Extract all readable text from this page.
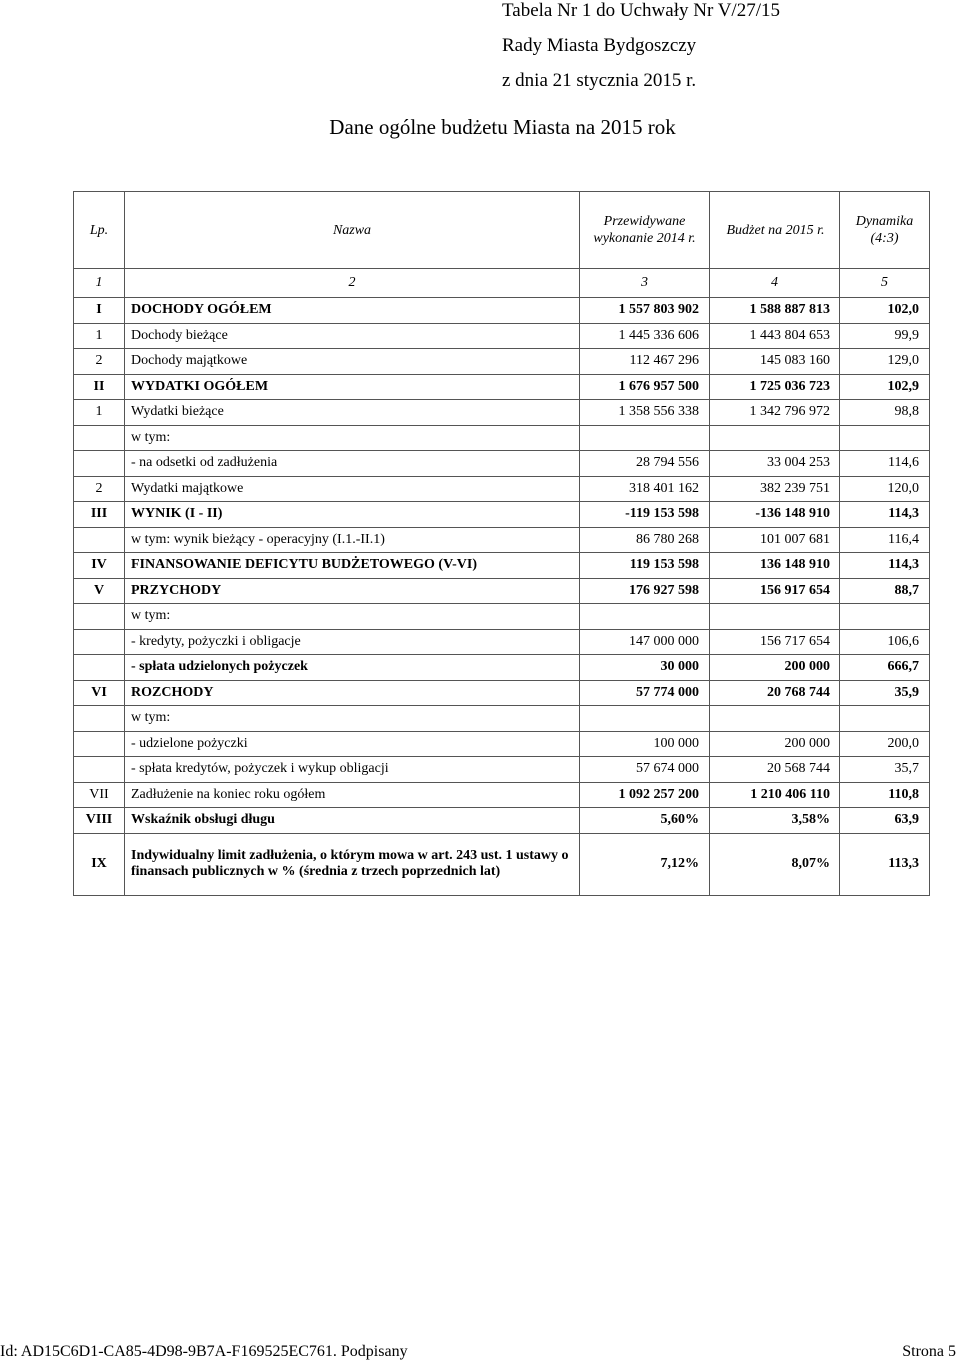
Tabela Nr 1 do Uchwały Nr V/27/15
Rady Miasta Bydgoszczy
z dnia 21 stycznia 2015 r.
Dane ogólne budżetu Miasta na 2015 rok
Lp.	Nazwa	Przewidywane wykonanie 2014 r.	Budżet na 2015 r.	Dynamika (4:3)
1	2	3	4	5
I	DOCHODY OGÓŁEM	1 557 803 902	1 588 887 813	102,0
1	Dochody bieżące	1 445 336 606	1 443 804 653	99,9
2	Dochody majątkowe	112 467 296	145 083 160	129,0
II	WYDATKI OGÓŁEM	1 676 957 500	1 725 036 723	102,9
1	Wydatki bieżące	1 358 556 338	1 342 796 972	98,8
	w tym:			
	- na odsetki od zadłużenia	28 794 556	33 004 253	114,6
2	Wydatki majątkowe	318 401 162	382 239 751	120,0
III	WYNIK (I - II)	-119 153 598	-136 148 910	114,3
	w tym: wynik bieżący - operacyjny (I.1.-II.1)	86 780 268	101 007 681	116,4
IV	FINANSOWANIE DEFICYTU BUDŻETOWEGO (V-VI)	119 153 598	136 148 910	114,3
V	PRZYCHODY	176 927 598	156 917 654	88,7
	w tym:			
	- kredyty, pożyczki i obligacje	147 000 000	156 717 654	106,6
	- spłata udzielonych pożyczek	30 000	200 000	666,7
VI	ROZCHODY	57 774 000	20 768 744	35,9
	w tym:			
	- udzielone pożyczki	100 000	200 000	200,0
	- spłata kredytów, pożyczek i wykup obligacji	57 674 000	20 568 744	35,7
VII	Zadłużenie na koniec roku ogółem	1 092 257 200	1 210 406 110	110,8
VIII	Wskaźnik obsługi długu	5,60%	3,58%	63,9
IX	Indywidualny limit zadłużenia, o którym mowa w art. 243 ust. 1 ustawy o finansach publicznych w % (średnia z trzech poprzednich lat)	7,12%	8,07%	113,3
Id: AD15C6D1-CA85-4D98-9B7A-F169525EC761. Podpisany	Strona 5
